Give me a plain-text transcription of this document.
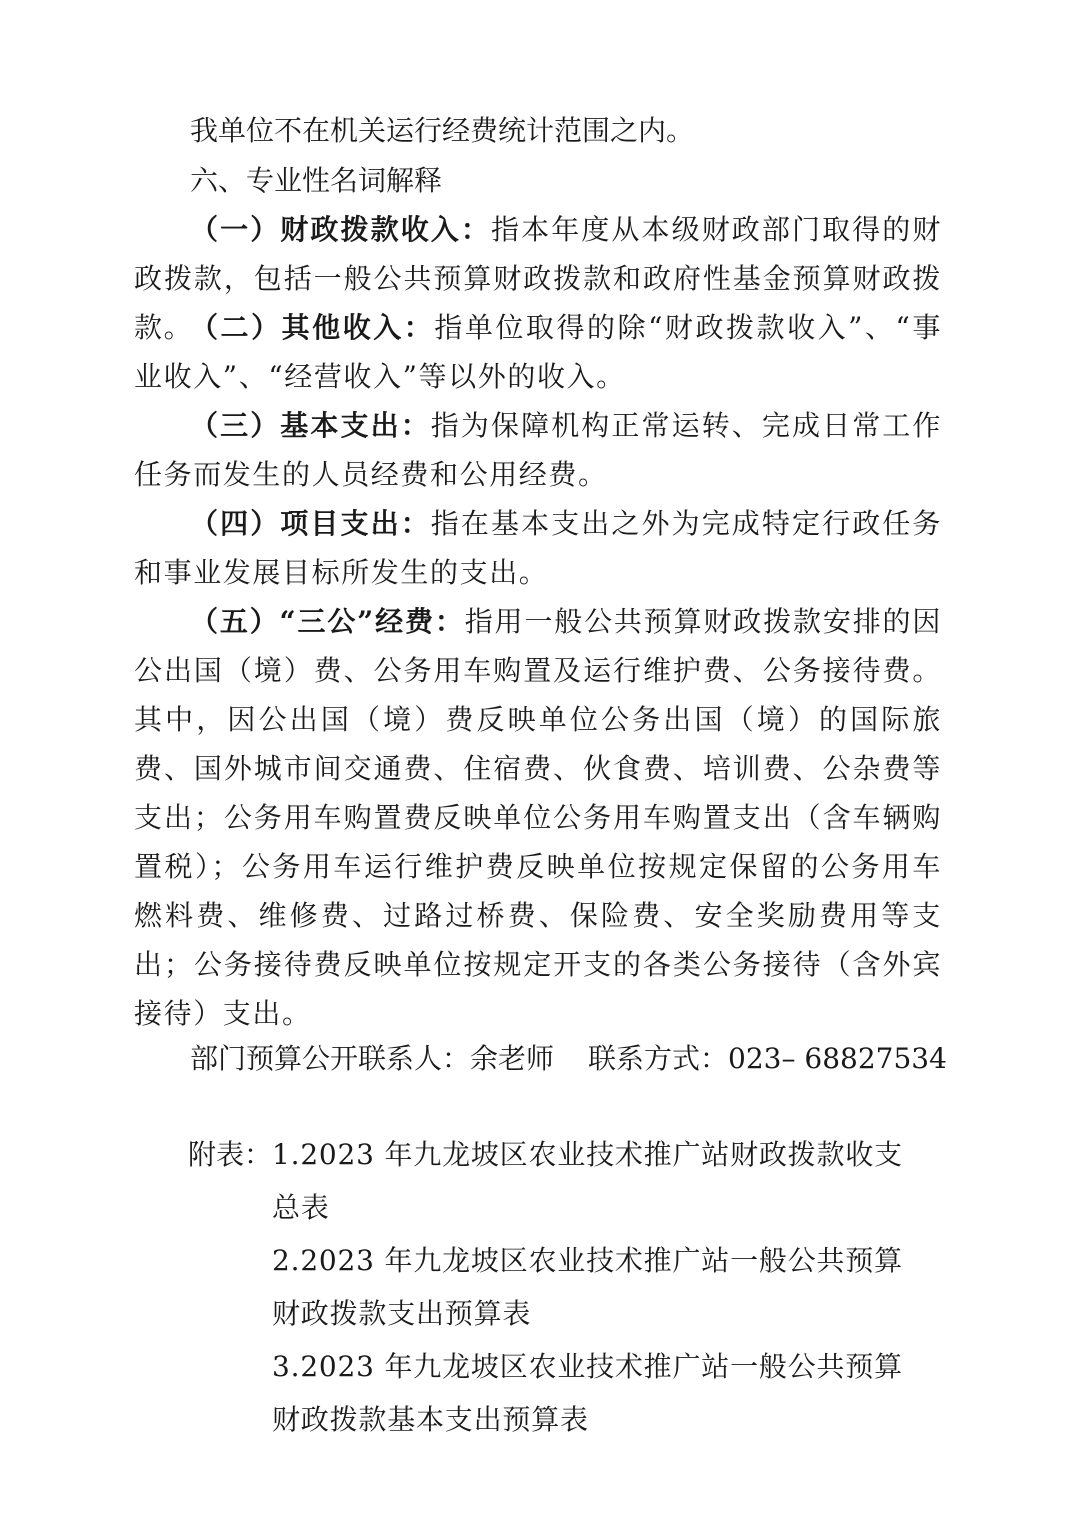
我单位不在机关运行经费统计范围之内。

六、专业性名词解释

（一）财政拨款收入：指本年度从本级财政部门取得的财政拨款，包括一般公共预算财政拨款和政府性基金预算财政拨款。

（二）其他收入：指单位取得的除“财政拨款收入”、“事业收入”、“经营收入”等以外的收入。

（三）基本支出：指为保障机构正常运转、完成日常工作任务而发生的人员经费和公用经费。

（四）项目支出：指在基本支出之外为完成特定行政任务和事业发展目标所发生的支出。

（五）“三公”经费：指用一般公共预算财政拨款安排的因公出国（境）费、公务用车购置及运行维护费、公务接待费。其中，因公出国（境）费反映单位公务出国（境）的国际旅费、国外城市间交通费、住宿费、伙食费、培训费、公杂费等支出；公务用车购置费反映单位公务用车购置支出（含车辆购置税）；公务用车运行维护费反映单位按规定保留的公务用车燃料费、维修费、过路过桥费、保险费、安全奖励费用等支出；公务接待费反映单位按规定开支的各类公务接待（含外宾接待）支出。

部门预算公开联系人：余老师 联系方式：023– 68827534

附表： 1.2023 年九龙坡区农业技术推广站财政拨款收支总表
2.2023 年九龙坡区农业技术推广站一般公共预算财政拨款支出预算表
3.2023 年九龙坡区农业技术推广站一般公共预算财政拨款基本支出预算表
